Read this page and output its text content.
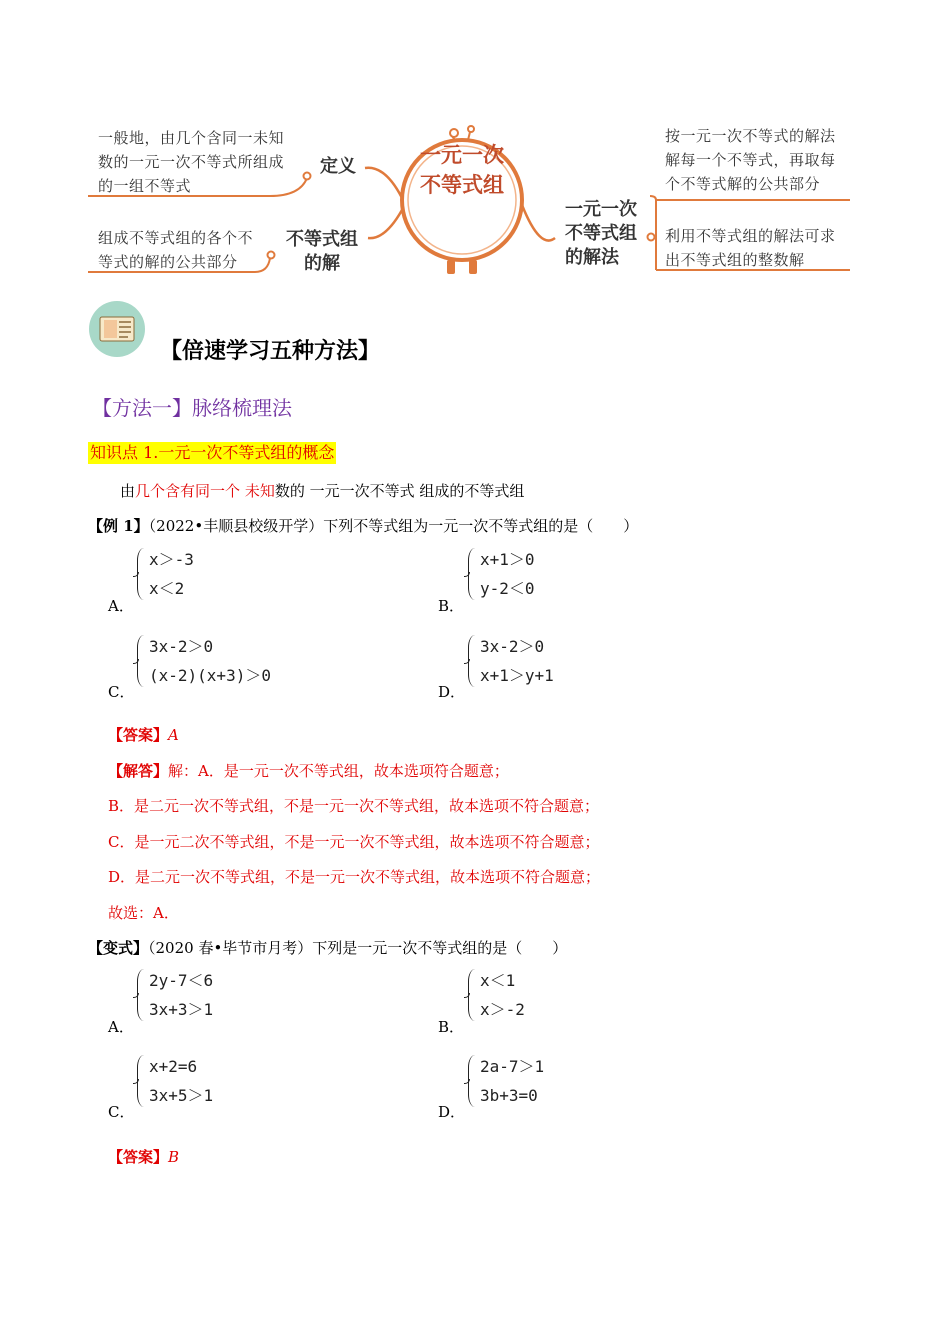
一元一次
不等式组
一般地，由几个含同一未知
数的一元一次不等式所组成
的一组不等式
定义
组成不等式组的各个不
等式的解的公共部分
不等式组
的解
一元一次
不等式组
的解法
按一元一次不等式的解法
解每一个不等式，再取每
个不等式解的公共部分
利用不等式组的解法可求
出不等式组的整数解
【倍速学习五种方法】
【方法一】脉络梳理法
知识点 1.一元一次不等式组的概念
由几个含有同一个 未知数的 一元一次不等式 组成的不等式组
【例 1】（2022•丰顺县校级开学）下列不等式组为一元一次不等式组的是（　　）
x＞-3
x＜2
A．
x+1＞0
y-2＜0
B．
3x-2＞0
(x-2)(x+3)＞0
C．
3x-2＞0
x+1＞y+1
D．
【答案】A
【解答】解：A．是一元一次不等式组，故本选项符合题意；
B．是二元一次不等式组，不是一元一次不等式组，故本选项不符合题意；
C．是一元二次不等式组，不是一元一次不等式组，故本选项不符合题意；
D．是二元一次不等式组，不是一元一次不等式组，故本选项不符合题意；
故选：A．
【变式】（2020 春•毕节市月考）下列是一元一次不等式组的是（　　）
2y-7＜6
3x+3＞1
A．
x＜1
x＞-2
B．
x+2=6
3x+5＞1
C．
2a-7＞1
3b+3=0
D．
【答案】B
